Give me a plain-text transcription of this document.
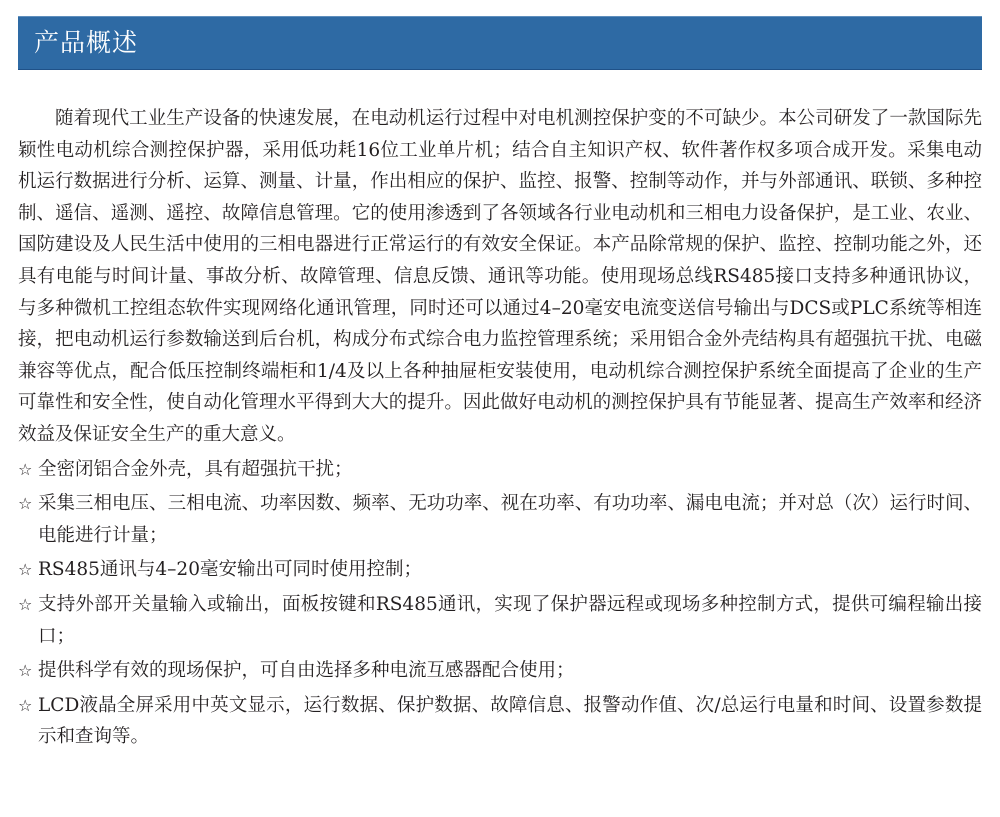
产品概述

随着现代工业生产设备的快速发展，在电动机运行过程中对电机测控保护变的不可缺少。本公司研发了一款国际先颖性电动机综合测控保护器，采用低功耗16位工业单片机；结合自主知识产权、软件著作权多项合成开发。采集电动机运行数据进行分析、运算、测量、计量，作出相应的保护、监控、报警、控制等动作，并与外部通讯、联锁、多种控制、遥信、遥测、遥控、故障信息管理。它的使用渗透到了各领域各行业电动机和三相电力设备保护，是工业、农业、国防建设及人民生活中使用的三相电器进行正常运行的有效安全保证。本产品除常规的保护、监控、控制功能之外，还具有电能与时间计量、事故分析、故障管理、信息反馈、通讯等功能。使用现场总线RS485接口支持多种通讯协议，与多种微机工控组态软件实现网络化通讯管理，同时还可以通过4–20毫安电流变送信号输出与DCS或PLC系统等相连接，把电动机运行参数输送到后台机，构成分布式综合电力监控管理系统；采用铝合金外壳结构具有超强抗干扰、电磁兼容等优点，配合低压控制终端柜和1/4及以上各种抽屉柜安装使用，电动机综合测控保护系统全面提高了企业的生产可靠性和安全性，使自动化管理水平得到大大的提升。因此做好电动机的测控保护具有节能显著、提高生产效率和经济效益及保证安全生产的重大意义。

☆ 全密闭铝合金外壳，具有超强抗干扰；
☆ 采集三相电压、三相电流、功率因数、频率、无功功率、视在功率、有功功率、漏电电流；并对总（次）运行时间、电能进行计量；
☆ RS485通讯与4–20毫安输出可同时使用控制；
☆ 支持外部开关量输入或输出，面板按键和RS485通讯，实现了保护器远程或现场多种控制方式，提供可编程输出接口；
☆ 提供科学有效的现场保护，可自由选择多种电流互感器配合使用；
☆ LCD液晶全屏采用中英文显示，运行数据、保护数据、故障信息、报警动作值、次/总运行电量和时间、设置参数提示和查询等。
